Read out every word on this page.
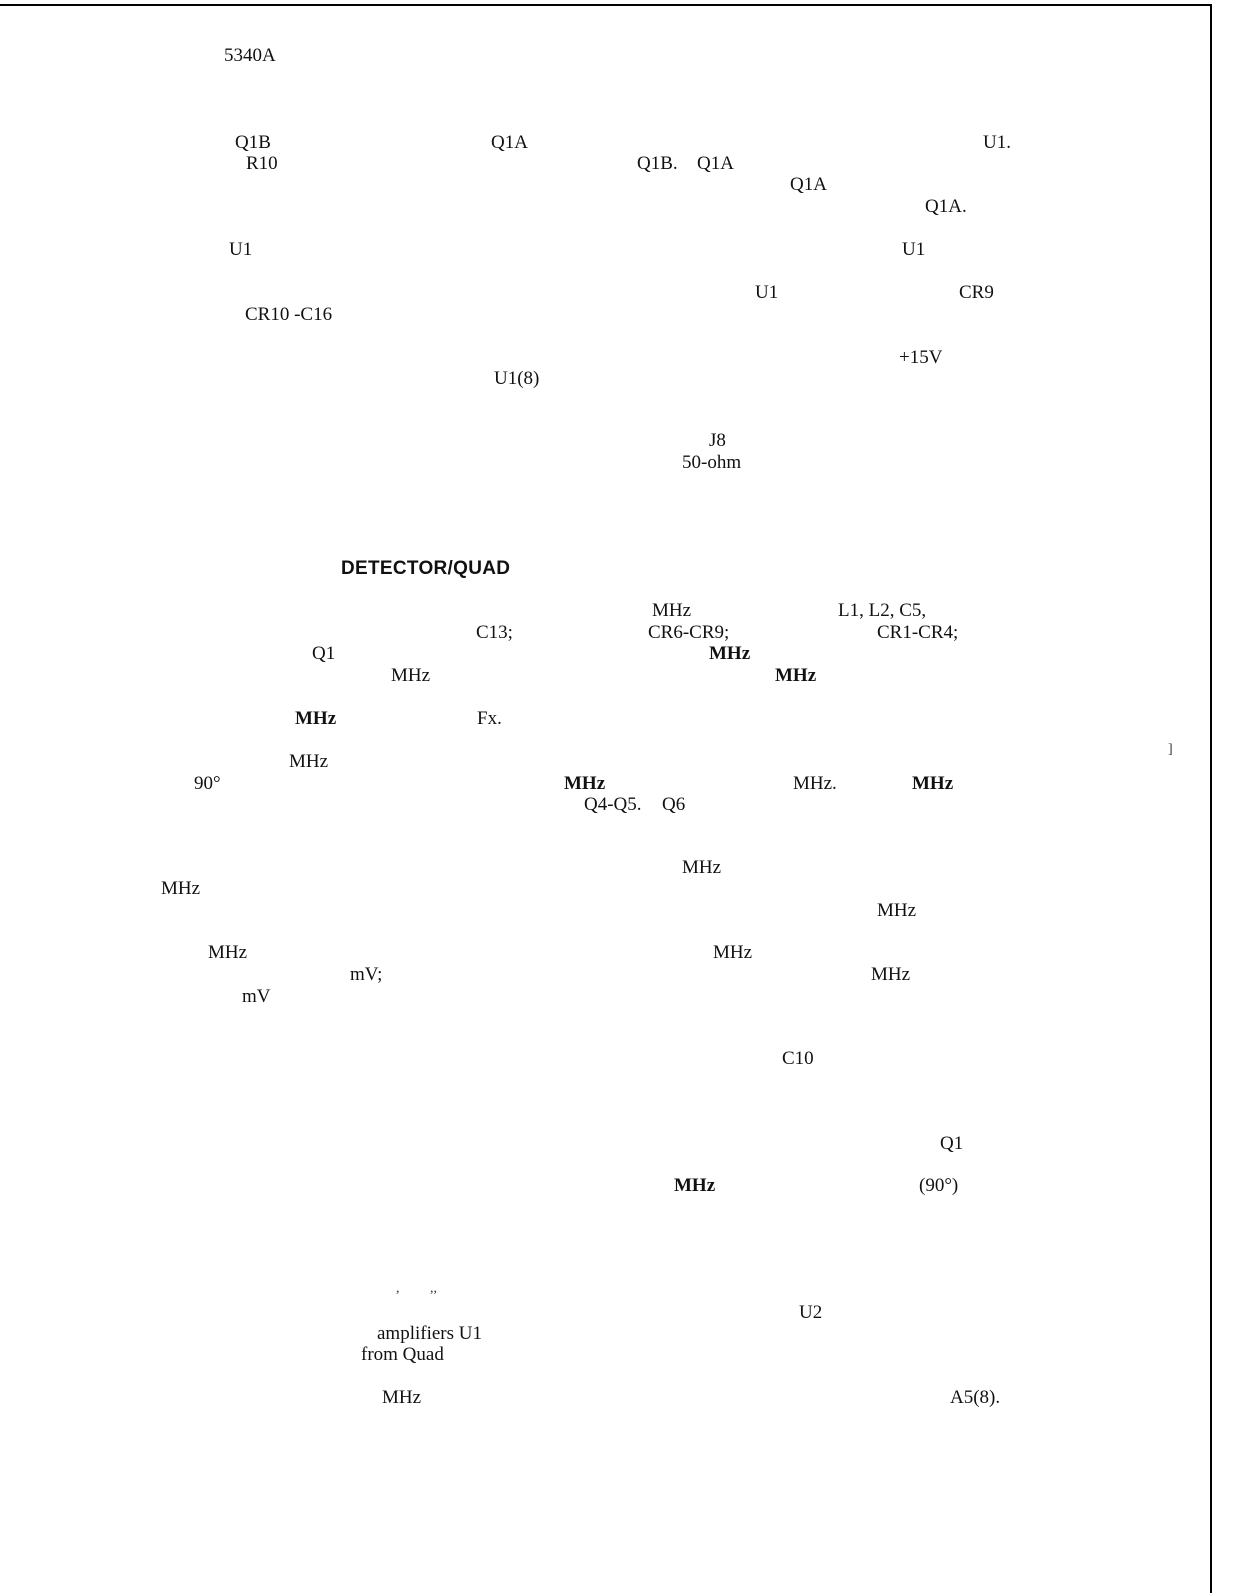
5340A
Q1B	Q1A	U1.
R10	Q1B. Q1A
Q1A
Q1A.
U1	U1
U1	CR9
CR10 -C16
+15V
U1(8)
J8
50-ohm
DETECTOR/QUAD
MHz	L1, L2, C5,
C13;	CR6-CR9;	CR1-CR4;
Q1	MHz
MHz	MHz
MHz	Fx.
MHz
90°	MHz	MHz.	MHz
Q4-Q5. Q6
MHz
MHz
MHz
MHz	MHz
mV;	MHz
mV
C10
Q1
MHz	(90°)
]
, ,,
U2
amplifiers U1
from Quad
MHz	A5(8).
